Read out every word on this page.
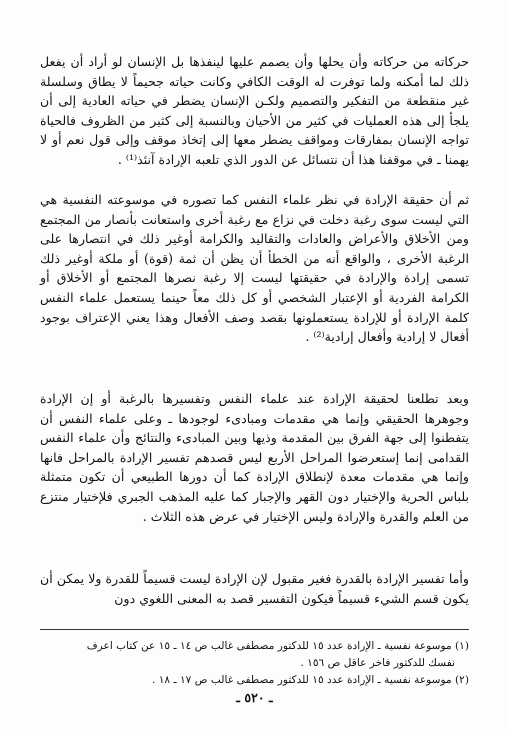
حركاته من حركاته وأن يحلها وأن يصمم عليها لينفذها بل الإنسان لو أراد أن يفعل ذلك لما أمكنه ولما توفرت له الوقت الكافي وكانت حياته جحيماً لا يطاق وسلسلة غير منقطعة من التفكير والتصميم ولكـن الإنسان يضطر في حياته العادية إلى أن يلجأ إلى هذه العمليات في كثير من الأحيان وبالنسبة إلى كثير من الظروف فالحياة تواجه الإنسان بمفارقات ومواقف يضطر معها إلى إتخاذ موقف وإلى قول نعم أو لا يهمنا ـ في موقفنا هذا أن نتسائل عن الدور الذي تلعبه الإرادة آنئذ⁽¹⁾ .

ثم أن حقيقة الإرادة في نظر علماء النفس كما تصوره في موسوعته النفسية هي التي ليست سوى رغبة دخلت في نزاع مع رغبة أخرى واستعانت بأنصار من المجتمع ومن الأخلاق والأعراض والعادات والتقاليد والكرامة أوغير ذلك في انتصارها على الرغبة الأخرى ، والواقع أنه من الخطأ أن يظن أن ثمة (قوة) أو ملكة أوغير ذلك تسمى إرادة والإرادة في حقيقتها ليست إلا رغبة نصرها المجتمع أو الأخلاق أو الكرامة الفردية أو الإعتبار الشخصي أو كل ذلك معاً حينما يستعمل علماء النفس كلمة الإرادة أو للإرادة يستعملونها بقصد وصف الأفعال وهذا يعني الإعتراف بوجود أفعال لا إرادية وأفعال إرادية⁽²⁾ .

وبعد تطلعنا لحقيقة الإرادة عند علماء النفس وتفسيرها بالرغبة أو إن الإرادة وجوهرها الحقيقي وإنما هي مقدمات ومبادىء لوجودها ـ وعلى علماء النفس أن يتفطنوا إلى جهة الفرق بين المقدمة وذيها وبين المبادىء والنتائج وأن علماء النفس القدامى إنما إستعرضوا المراحل الأربع ليس قصدهم تفسير الإرادة بالمراحل فانها وإنما هي مقدمات معدة لإنطلاق الإرادة كما أن دورها الطبيعي أن تكون متمثلة بلباس الحرية والإختيار دون القهر والإجبار كما عليه المذهب الجبري فلإختيار منتزع من العلم والقدرة والإرادة وليس الإختيار في عرض هذه الثلاث .

وأما تفسير الإرادة بالقدرة فغير مقبول لإن الإرادة ليست قسيماً للقدرة ولا يمكن أن يكون قسم الشيء قسيماً فيكون التفسير قصد به المعنى اللغوي دون

(١) موسوعة نفسية ـ الإرادة عدد ١٥ للدكتور مصطفى غالب ص ١٤ ـ ١٥ عن كتاب اعرف
نفسك للدكتور فاخر عاقل ص ١٥٦ .
(٢) موسوعة نفسية ـ الإرادة عدد ١٥ للدكتور مصطفى غالب ص ١٧ ـ ١٨ .
ـ ٥٢٠ ـ
